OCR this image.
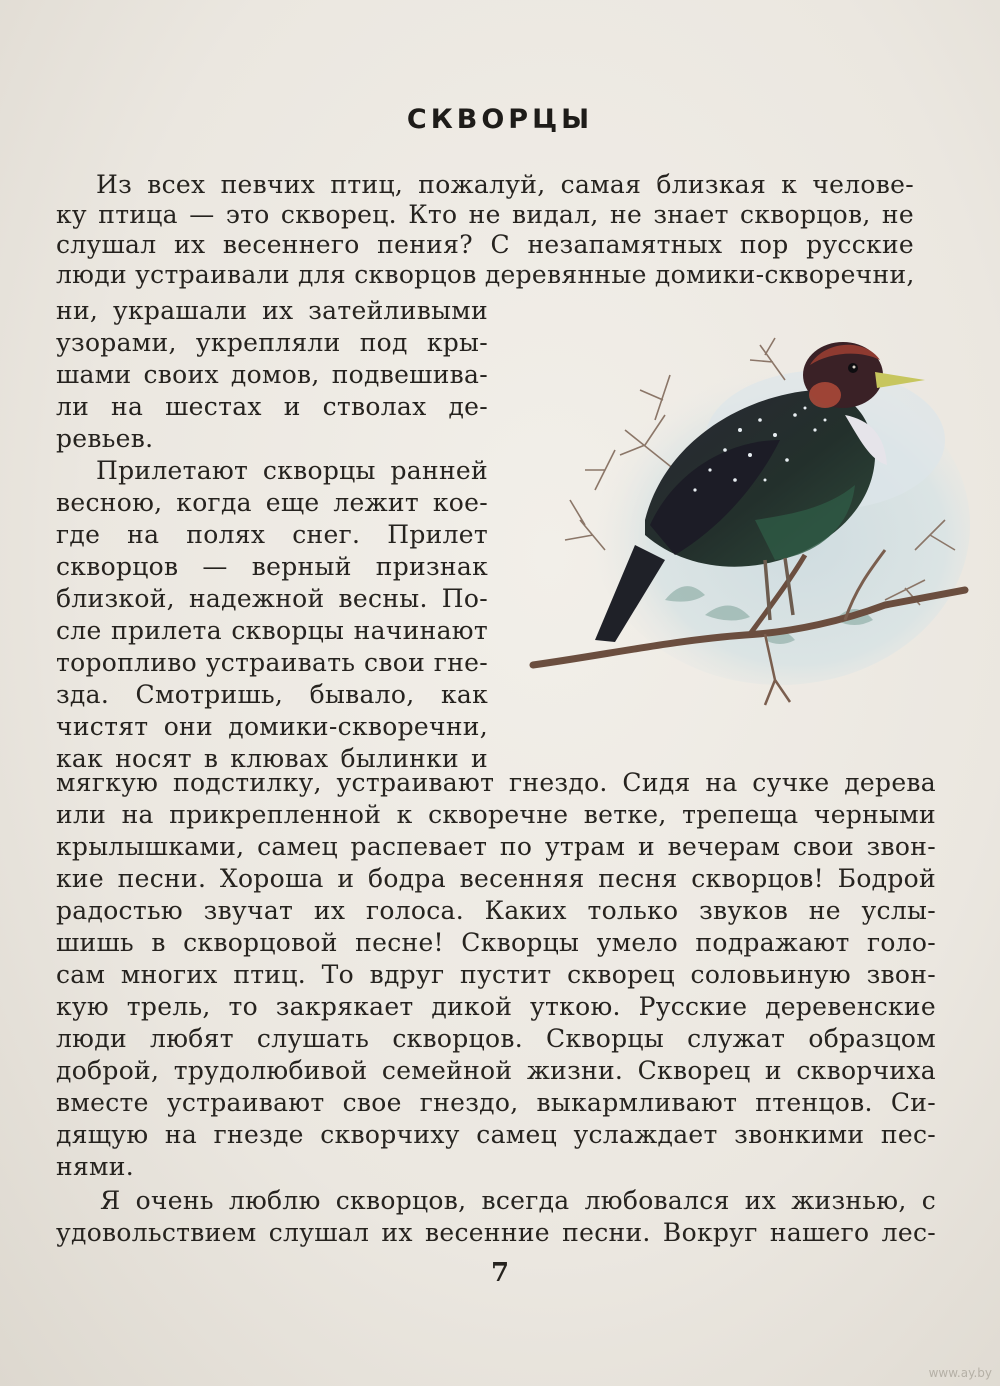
СКВОРЦЫ
Из всех певчих птиц, пожалуй, самая близкая к челове-
ку птица — это скворец. Кто не видал, не знает скворцов, не
слушал их весеннего пения? С незапамятных пор русские
люди устраивали для скворцов деревянные домики-скворечни,
ни, украшали их затейливыми
узорами, укрепляли под кры-
шами своих домов, подвешива-
ли на шестах и стволах де-
ревьев.
Прилетают скворцы ранней
весною, когда еще лежит кое-
где на полях снег. Прилет
скворцов — верный признак
близкой, надежной весны. По-
сле прилета скворцы начинают
торопливо устраивать свои гне-
зда. Смотришь, бывало, как
чистят они домики-скворечни,
как носят в клювах былинки и
мягкую подстилку, устраивают гнездо. Сидя на сучке дерева
или на прикрепленной к скворечне ветке, трепеща черными
крылышками, самец распевает по утрам и вечерам свои звон-
кие песни. Хороша и бодра весенняя песня скворцов! Бодрой
радостью звучат их голоса. Каких только звуков не услы-
шишь в скворцовой песне! Скворцы умело подражают голо-
сам многих птиц. То вдруг пустит скворец соловьиную звон-
кую трель, то закрякает дикой уткою. Русские деревенские
люди любят слушать скворцов. Скворцы служат образцом
доброй, трудолюбивой семейной жизни. Скворец и скворчиха
вместе устраивают свое гнездо, выкармливают птенцов. Си-
дящую на гнезде скворчиху самец услаждает звонкими пес-
нями.
Я очень люблю скворцов, всегда любовался их жизнью, с
удовольствием слушал их весенние песни. Вокруг нашего лес-
7
www.ay.by
